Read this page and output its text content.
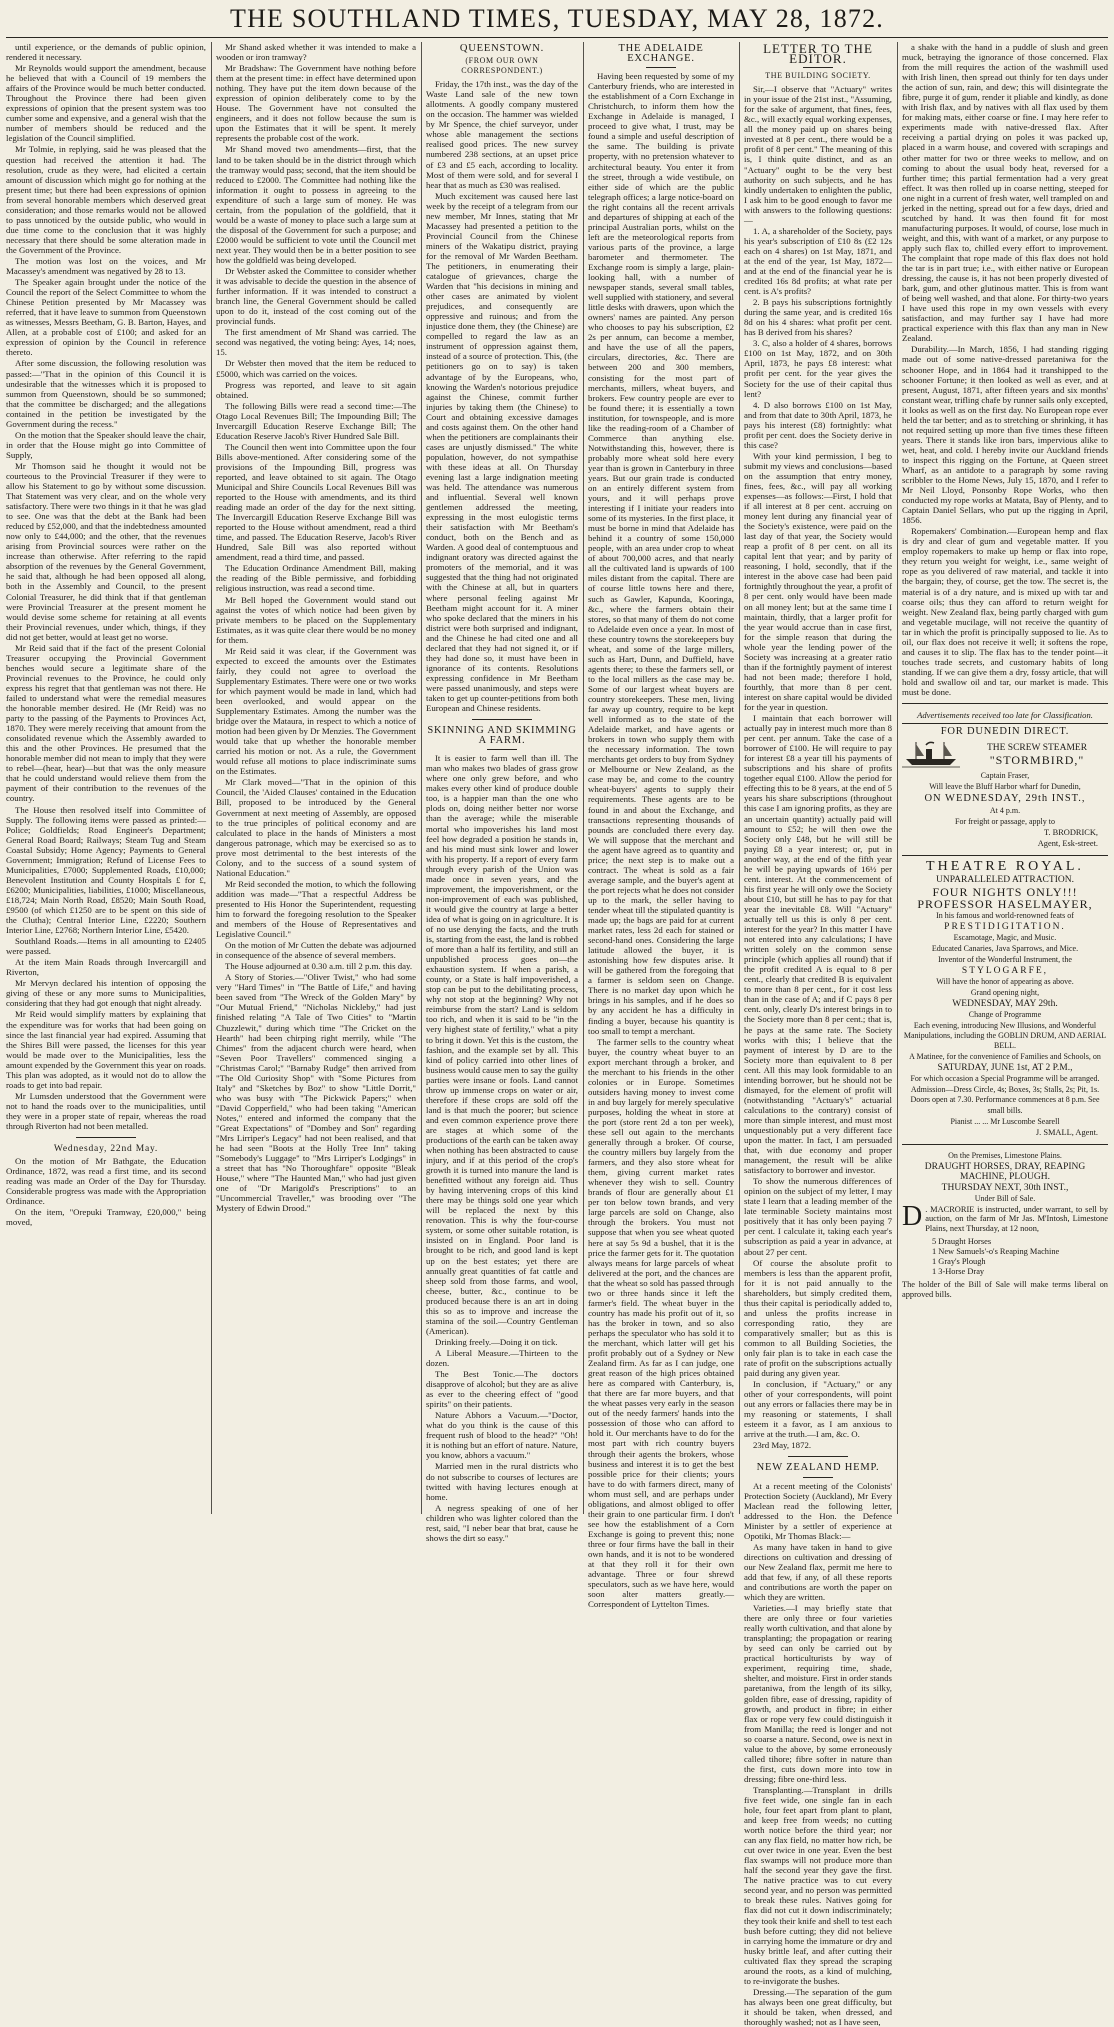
THE SOUTHLAND TIMES, TUESDAY, MAY 28, 1872.

until experience, or the demands of public opinion, rendered it necessary.

Mr Reynolds would support the amendment, because he believed that with a Council of 19 members the affairs of the Province would be much better conducted. Throughout the Province there had been given expressions of opinion that the present system was too cumber some and expensive, and a general wish that the number of members should be reduced and the legislation of the Council simplified.

Mr Tolmie, in replying, said he was pleased that the question had received the attention it had. The resolution, crude as they were, had elicited a certain amount of discussion which might go for nothing at the present time; but there had been expressions of opinion from several honorable members which deserved great consideration; and those remarks would not be allowed to pass unnoticed by the outside public, who would in due time come to the conclusion that it was highly necessary that there should be some alteration made in the Government of the Province.

The motion was lost on the voices, and Mr Macassey's amendment was negatived by 28 to 13.

The Speaker again brought under the notice of the Council the report of the Select Committee to whom the Chinese Petition presented by Mr Macassey was referred, that it have leave to summon from Queenstown as witnesses, Messrs Beetham, G. B. Barton, Hayes, and Allen, at a probable cost of £100; and asked for an expression of opinion by the Council in reference thereto.

After some discussion, the following resolution was passed:—"That in the opinion of this Council it is undesirable that the witnesses which it is proposed to summon from Queenstown, should be so summoned; that the committee be discharged; and the allegations contained in the petition be investigated by the Government during the recess."

On the motion that the Speaker should leave the chair, in order that the House might go into Committee of Supply,

Mr Thomson said he thought it would not be courteous to the Provincial Treasurer if they were to allow his Statement to go by without some discussion. That Statement was very clear, and on the whole very satisfactory. There were two things in it that he was glad to see. One was that the debt at the Bank had been reduced by £52,000, and that the indebtedness amounted now only to £44,000; and the other, that the revenues arising from Provincial sources were rather on the increase than otherwise. After referring to the rapid absorption of the revenues by the General Government, he said that, although he had been opposed all along, both in the Assembly and Council, to the present Colonial Treasurer, he did think that if that gentleman were Provincial Treasurer at the present moment he would devise some scheme for retaining at all events their Provincial revenues, under which, things, if they did not get better, would at least get no worse.

Mr Reid said that if the fact of the present Colonial Treasurer occupying the Provincial Government benches would secure a legitimate share of the Provincial revenues to the Province, he could only express his regret that that gentleman was not there. He failed to understand what were the remedial measures the honorable member desired. He (Mr Reid) was no party to the passing of the Payments to Provinces Act, 1870. They were merely receiving that amount from the consolidated revenue which the Assembly awarded to this and the other Provinces. He presumed that the honorable member did not mean to imply that they were to rebel—(hear, hear)—but that was the only measure that he could understand would relieve them from the payment of their contribution to the revenues of the country.

The House then resolved itself into Committee of Supply. The following items were passed as printed:—Police; Goldfields; Road Engineer's Department; General Road Board; Railways; Steam Tug and Steam Coastal Subsidy; Home Agency; Payments to General Government; Immigration; Refund of License Fees to Municipalities, £7000; Supplemented Roads, £10,000; Benevolent Institution and County Hospitals £ for £, £6200; Municipalities, liabilities, £1000; Miscellaneous, £18,724; Main North Road, £8520; Main South Road, £9500 (of which £1250 are to be spent on this side of the Clutha); Central Interior Line, £2220; Southern Interior Line, £2768; Northern Interior Line, £5420.

Southland Roads.—Items in all amounting to £2405 were passed.

At the item Main Roads through Invercargill and Riverton,

Mr Mervyn declared his intention of opposing the giving of these or any more sums to Municipalities, considering that they had got enough that night already.

Mr Reid would simplify matters by explaining that the expenditure was for works that had been going on since the last financial year had expired. Assuming that the Shires Bill were passed, the licenses for this year would be made over to the Municipalities, less the amount expended by the Government this year on roads. This plan was adopted, as it would not do to allow the roads to get into bad repair.

Mr Lumsden understood that the Government were not to hand the roads over to the municipalities, until they were in a proper state of repair, whereas the road through Riverton had not been metalled.

Wednesday, 22nd May.

On the motion of Mr Bathgate, the Education Ordinance, 1872, was read a first time, and its second reading was made an Order of the Day for Thursday. Considerable progress was made with the Appropriation Ordinance.

On the item, "Orepuki Tramway, £20,000," being moved,

Mr Shand asked whether it was intended to make a wooden or iron tramway?

Mr Bradshaw: The Government have nothing before them at the present time: in effect have determined upon nothing. They have put the item down because of the expression of opinion deliberately come to by the House. The Government have not consulted the engineers, and it does not follow because the sum is upon the Estimates that it will be spent. It merely represents the probable cost of the work.

Mr Shand moved two amendments—first, that the land to be taken should be in the district through which the tramway would pass; second, that the item should be reduced to £2000. The Committee had nothing like the information it ought to possess in agreeing to the expenditure of such a large sum of money. He was certain, from the population of the goldfield, that it would be a waste of money to place such a large sum at the disposal of the Government for such a purpose; and £2000 would be sufficient to vote until the Council met next year. They would then be in a better position to see how the goldfield was being developed.

Dr Webster asked the Committee to consider whether it was advisable to decide the question in the absence of further information. If it was intended to construct a branch line, the General Government should be called upon to do it, instead of the cost coming out of the provincial funds.

The first amendment of Mr Shand was carried. The second was negatived, the voting being: Ayes, 14; noes, 15.

Dr Webster then moved that the item be reduced to £5000, which was carried on the voices.

Progress was reported, and leave to sit again obtained.

The following Bills were read a second time:—The Otago Local Revenues Bill; The Impounding Bill; The Invercargill Education Reserve Exchange Bill; The Education Reserve Jacob's River Hundred Sale Bill.

The Council then went into Committee upon the four Bills above-mentioned. After considering some of the provisions of the Impounding Bill, progress was reported, and leave obtained to sit again. The Otago Municipal and Shire Councils Local Revenues Bill was reported to the House with amendments, and its third reading made an order of the day for the next sitting. The Invercargill Education Reserve Exchange Bill was reported to the House without amendment, read a third time, and passed. The Education Reserve, Jacob's River Hundred, Sale Bill was also reported without amendment, read a third time, and passed.

The Education Ordinance Amendment Bill, making the reading of the Bible permissive, and forbidding religious instruction, was read a second time.

Mr Bell hoped the Government would stand out against the votes of which notice had been given by private members to be placed on the Supplementary Estimates, as it was quite clear there would be no money for them.

Mr Reid said it was clear, if the Government was expected to exceed the amounts over the Estimates fairly, they could not agree to overload the Supplementary Estimates. There were one or two works for which payment would be made in land, which had been overlooked, and would appear on the Supplementary Estimates. Among the number was the bridge over the Mataura, in respect to which a notice of motion had been given by Dr Menzies. The Government would take that up whether the honorable member carried his motion or not. As a rule, the Government would refuse all motions to place indiscriminate sums on the Estimates.

Mr Clark moved—"That in the opinion of this Council, the 'Aided Clauses' contained in the Education Bill, proposed to be introduced by the General Government at next meeting of Assembly, are opposed to the true principles of political economy and are calculated to place in the hands of Ministers a most dangerous patronage, which may be exercised so as to prove most detrimental to the best interests of the Colony, and to the success of a sound system of National Education."

Mr Reid seconded the motion, to which the following addition was made—"That a respectful Address be presented to His Honor the Superintendent, requesting him to forward the foregoing resolution to the Speaker and members of the House of Representatives and Legislative Council."

On the motion of Mr Cutten the debate was adjourned in consequence of the absence of several members.

The House adjourned at 0.30 a.m. till 2 p.m. this day.

A Story of Stories.—"Oliver Twist," who had some very "Hard Times" in "The Battle of Life," and having been saved from "The Wreck of the Golden Mary" by "Our Mutual Friend," "Nicholas Nickleby," had just finished relating "A Tale of Two Cities" to "Martin Chuzzlewit," during which time "The Cricket on the Hearth" had been chirping right merrily, while "The Chimes" from the adjacent church were heard, when "Seven Poor Travellers" commenced singing a "Christmas Carol;" "Barnaby Rudge" then arrived from "The Old Curiosity Shop" with "Some Pictures from Italy" and "Sketches by Boz" to show "Little Dorrit," who was busy with "The Pickwick Papers;" when "David Copperfield," who had been taking "American Notes," entered and informed the company that the "Great Expectations" of "Dombey and Son" regarding "Mrs Lirriper's Legacy" had not been realised, and that he had seen "Boots at the Holly Tree Inn" taking "Somebody's Luggage" to "Mrs Lirriper's Lodgings" in a street that has "No Thoroughfare" opposite "Bleak House," where "The Haunted Man," who had just given one of "Dr Marigold's Prescriptions" to an "Uncommercial Traveller," was brooding over "The Mystery of Edwin Drood."

QUEENSTOWN.
(FROM OUR OWN CORRESPONDENT.)

Friday, the 17th inst., was the day of the Waste Land sale of the new town allotments. A goodly company mustered on the occasion. The hammer was wielded by Mr Spence, the chief surveyor, under whose able management the sections realised good prices. The new survey numbered 238 sections, at an upset price of £3 and £5 each, according to locality. Most of them were sold, and for several I hear that as much as £30 was realised.

Much excitement was caused here last week by the receipt of a telegram from our new member, Mr Innes, stating that Mr Macassey had presented a petition to the Provincial Council from the Chinese miners of the Wakatipu district, praying for the removal of Mr Warden Beetham. The petitioners, in enumerating their catalogue of grievances, charge the Warden that "his decisions in mining and other cases are animated by violent prejudices, and consequently are oppressive and ruinous; and from the injustice done them, they (the Chinese) are compelled to regard the law as an instrument of oppression against them, instead of a source of protection. This, (the petitioners go on to say) is taken advantage of by the Europeans, who, knowing the Warden's notorious prejudice against the Chinese, commit further injuries by taking them (the Chinese) to Court and obtaining excessive damages and costs against them. On the other hand when the petitioners are complainants their cases are unjustly dismissed." The white population, however, do not sympathise with these ideas at all. On Thursday evening last a large indignation meeting was held. The attendance was numerous and influential. Several well known gentlemen addressed the meeting, expressing in the most eulogistic terms their satisfaction with Mr Beetham's conduct, both on the Bench and as Warden. A good deal of contemptuous and indignant oratory was directed against the promoters of the memorial, and it was suggested that the thing had not originated with the Chinese at all, but in quarters where personal feeling against Mr Beetham might account for it. A miner who spoke declared that the miners in his district were both surprised and indignant, and the Chinese he had cited one and all declared that they had not signed it, or if they had done so, it must have been in ignorance of its contents. Resolutions expressing confidence in Mr Beetham were passed unanimously, and steps were taken to get up counter-petitions from both European and Chinese residents.

SKINNING AND SKIMMING A FARM.

It is easier to farm well than ill. The man who makes two blades of grass grow where one only grew before, and who makes every other kind of produce double too, is a happier man than the one who plods on, doing neither better nor worse than the average; while the miserable mortal who impoverishes his land most feel how degraded a position he stands in, and his mind must sink lower and lower with his property. If a report of every farm through every parish of the Union was made once in seven years, and the improvement, the impoverishment, or the non-improvement of each was published, it would give the country at large a better idea of what is going on in agriculture. It is of no use denying the facts, and the truth is, starting from the east, the land is robbed of more than a half its fertility, and still an unpublished process goes on—the exhaustion system. If when a parish, a county, or a State is half impoverished, a stop can be put to the debilitating process, why not stop at the beginning? Why not reimburse from the start? Land is seldom too rich, and when it is said to be "in the very highest state of fertility," what a pity to bring it down. Yet this is the custom, the fashion, and the example set by all. This kind of policy carried into other lines of business would cause men to say the guilty parties were insane or fools. Land cannot throw up immense crops on water or air, therefore if these crops are sold off the land is that much the poorer; but science and even common experience prove there are stages at which some of the productions of the earth can be taken away when nothing has been abstracted to cause injury, and if at this period of the crop's growth it is turned into manure the land is benefitted without any foreign aid. Thus by having intervening crops of this kind there may be things sold one year which will be replaced the next by this renovation. This is why the four-course system, or some other suitable rotation, is insisted on in England. Poor land is brought to be rich, and good land is kept up on the best estates; yet there are annually great quantities of fat cattle and sheep sold from those farms, and wool, cheese, butter, &c., continue to be produced because there is an art in doing this so as to improve and increase the stamina of the soil.—Country Gentleman (American).

Drinking freely.—Doing it on tick.

A Liberal Measure.—Thirteen to the dozen.

The Best Tonic.—The doctors disapprove of alcohol; but they are as alive as ever to the cheering effect of "good spirits" on their patients.

Nature Abhors a Vacuum.—"Doctor, what do you think is the cause of this frequent rush of blood to the head?" "Oh! it is nothing but an effort of nature. Nature, you know, abhors a vacuum."

Married men in the rural districts who do not subscribe to courses of lectures are twitted with having lectures enough at home.

A negress speaking of one of her children who was lighter colored than the rest, said, "I neber bear that brat, cause he shows the dirt so easy."

THE ADELAIDE EXCHANGE.

Having been requested by some of my Canterbury friends, who are interested in the establishment of a Corn Exchange in Christchurch, to inform them how the Exchange in Adelaide is managed, I proceed to give what, I trust, may be found a simple and useful description of the same. The building is private property, with no pretension whatever to architectural beauty. You enter it from the street, through a wide vestibule, on either side of which are the public telegraph offices; a large notice-board on the right contains all the recent arrivals and departures of shipping at each of the principal Australian ports, whilst on the left are the meteorological reports from various parts of the province, a large barometer and thermometer. The Exchange room is simply a large, plain-looking hall, with a number of newspaper stands, several small tables, well supplied with stationery, and several little desks with drawers, upon which the owners' names are painted. Any person who chooses to pay his subscription, £2 2s per annum, can become a member, and have the use of all the papers, circulars, directories, &c. There are between 200 and 300 members, consisting for the most part of merchants, millers, wheat buyers, and brokers. Few country people are ever to be found there; it is essentially a town institution, for townspeople, and is more like the reading-room of a Chamber of Commerce than anything else. Notwithstanding this, however, there is probably more wheat sold here every year than is grown in Canterbury in three years. But our grain trade is conducted on an entirely different system from yours, and it will perhaps prove interesting if I initiate your readers into some of its mysteries. In the first place, it must be borne in mind that Adelaide has behind it a country of some 150,000 people, with an area under crop to wheat of about 700,000 acres, and that nearly all the cultivated land is upwards of 100 miles distant from the capital. There are of course little towns here and there, such as Gawler, Kapunda, Kooringa, &c., where the farmers obtain their stores, so that many of them do not come to Adelaide even once a year. In most of these country towns the storekeepers buy wheat, and some of the large millers, such as Hart, Dunn, and Duffield, have agents there; to these the farmers sell, or to the local millers as the case may be. Some of our largest wheat buyers are country storekeepers. These men, living far away up country, require to be kept well informed as to the state of the Adelaide market, and have agents or brokers in town who supply them with the necessary information. The town merchants get orders to buy from Sydney or Melbourne or New Zealand, as the case may be, and come to the country wheat-buyers' agents to supply their requirements. These agents are to be found in and about the Exchange, and transactions representing thousands of pounds are concluded there every day. We will suppose that the merchant and the agent have agreed as to quantity and price; the next step is to make out a contract. The wheat is sold as a fair average sample, and the buyer's agent at the port rejects what he does not consider up to the mark, the seller having to tender wheat till the stipulated quantity is made up; the bags are paid for at current market rates, less 2d each for stained or second-hand ones. Considering the large latitude allowed the buyer, it is astonishing how few disputes arise. It will be gathered from the foregoing that a farmer is seldom seen on Change. There is no market day upon which he brings in his samples, and if he does so by any accident he has a difficulty in finding a buyer, because his quantity is too small to tempt a merchant.

The farmer sells to the country wheat buyer, the country wheat buyer to an export merchant through a broker, and the merchant to his friends in the other colonies or in Europe. Sometimes outsiders having money to invest come in and buy largely for merely speculative purposes, holding the wheat in store at the port (store rent 2d a ton per week), these sell out again to the merchants generally through a broker. Of course, the country millers buy largely from the farmers, and they also store wheat for them, giving current market rates whenever they wish to sell. Country brands of flour are generally about £1 per ton below town brands, and very large parcels are sold on Change, also through the brokers. You must not suppose that when you see wheat quoted here at say 5s 9d a bushel, that it is the price the farmer gets for it. The quotation always means for large parcels of wheat delivered at the port, and the chances are that the wheat so sold has passed through two or three hands since it left the farmer's field. The wheat buyer in the country has made his profit out of it, so has the broker in town, and so also perhaps the speculator who has sold it to the merchant, which latter will get his profit probably out of a Sydney or New Zealand firm. As far as I can judge, one great reason of the high prices obtained here as compared with Canterbury, is, that there are far more buyers, and that the wheat passes very early in the season out of the needy farmers' hands into the possession of those who can afford to hold it. Our merchants have to do for the most part with rich country buyers through their agents the brokers, whose business and interest it is to get the best possible price for their clients; yours have to do with farmers direct, many of whom must sell, and are perhaps under obligations, and almost obliged to offer their grain to one particular firm. I don't see how the establishment of a Corn Exchange is going to prevent this; none three or four firms have the ball in their own hands, and it is not to be wondered at that they roll it for their own advantage. Three or four shrewd speculators, such as we have here, would soon alter matters greatly.—Correspondent of Lyttelton Times.

LETTER TO THE EDITOR.
THE BUILDING SOCIETY.

Sir,—I observe that "Actuary" writes in your issue of the 21st inst., "Assuming, for the sake of argument, that fines, fees, &c., will exactly equal working expenses, all the money paid up on shares being invested at 8 per cent., there would be a profit of 8 per cent." The meaning of this is, I think quite distinct, and as an "Actuary" ought to be the very best authority on such subjects, and he has kindly undertaken to enlighten the public, I ask him to be good enough to favor me with answers to the following questions:—

1. A, a shareholder of the Society, pays his year's subscription of £10 8s (£2 12s each on 4 shares) on 1st May, 1871, and at the end of the year, 1st May, 1872—and at the end of the financial year he is credited 16s 8d profits; at what rate per cent. is A's profits?

2. B pays his subscriptions fortnightly during the same year, and is credited 16s 8d on his 4 shares: what profit per cent. has B derived from his shares?

3. C, also a holder of 4 shares, borrows £100 on 1st May, 1872, and on 30th April, 1873, he pays £8 interest: what profit per cent. for the year gives the Society for the use of their capital thus lent?

4. D also borrows £100 on 1st May, and from that date to 30th April, 1873, he pays his interest (£8) fortnightly: what profit per cent. does the Society derive in this case?

With your kind permission, I beg to submit my views and conclusions—based on the assumption that entry money, fines, fees, &c., will pay all working expenses—as follows:—First, I hold that if all interest at 8 per cent. accruing on money lent during any financial year of the Society's existence, were paid on the last day of that year, the Society would reap a profit of 8 per cent. on all its capital lent that year; and by parity of reasoning, I hold, secondly, that if the interest in the above case had been paid fortnightly throughout the year, a profit of 8 per cent. only would have been made on all money lent; but at the same time I maintain, thirdly, that a larger profit for the year would accrue than in case first, for the simple reason that during the whole year the lending power of the Society was increasing at a greater ratio than if the fortnightly payment of interest had not been made; therefore I hold, fourthly, that more than 8 per cent. interest on share capital would be divided for the year in question.

I maintain that each borrower will actually pay in interest much more than 8 per cent. per annum. Take the case of a borrower of £100. He will require to pay for interest £8 a year till his payments of subscriptions and his share of profits together equal £100. Allow the period for effecting this to be 8 years, at the end of 5 years his share subscriptions (throughout this case I am ignoring profits, as they are an uncertain quantity) actually paid will amount to £52; he will then owe the Society only £48, but he will still be paying £8 a year interest; or, put in another way, at the end of the fifth year he will be paying upwards of 16½ per cent. interest. At the commencement of his first year he will only owe the Society about £10, but still he has to pay for that year the inevitable £8. Will "Actuary" actually tell us this is only 8 per cent. interest for the year? In this matter I have not entered into any calculations; I have written solely on the common sense principle (which applies all round) that if the profit credited A is equal to 8 per cent., clearly that credited B is equivalent to more than 8 per cent., for it cost less than in the case of A; and if C pays 8 per cent. only, clearly D's interest brings in to the Society more than 8 per cent.; that is, he pays at the same rate. The Society works with this; I believe that the payment of interest by D are to the Society more than equivalent to 8 per cent. All this may look formidable to an intending borrower, but he should not be dismayed, for the element of profit will (notwithstanding "Actuary's" actuarial calculations to the contrary) consist of more than simple interest, and must most unquestionably put a very different face upon the matter. In fact, I am persuaded that, with due economy and proper management, the result will be alike satisfactory to borrower and investor.

To show the numerous differences of opinion on the subject of my letter, I may state I learn that a leading member of the late terminable Society maintains most positively that it has only been paying 7 per cent. I calculate it, taking each year's subscription as paid a year in advance, at about 27 per cent.

Of course the absolute profit to members is less than the apparent profit, for it is not paid annually to the shareholders, but simply credited them, thus their capital is periodically added to, and unless the profits increase in corresponding ratio, they are comparatively smaller; but as this is common to all Building Societies, the only fair plan is to take in each case the rate of profit on the subscriptions actually paid during any given year.

In conclusion, if "Actuary," or any other of your correspondents, will point out any errors or fallacies there may be in my reasoning or statements, I shall esteem it a favor, as I am anxious to arrive at the truth.—I am, &c. O.

23rd May, 1872.

NEW ZEALAND HEMP.

At a recent meeting of the Colonists' Protection Society (Auckland), Mr Every Maclean read the following letter, addressed to the Hon. the Defence Minister by a settler of experience at Opotiki, Mr Thomas Black:—

As many have taken in hand to give directions on cultivation and dressing of our New Zealand flax, permit me here to add that few, if any, of all these reports and contributions are worth the paper on which they are written.

Varieties.—I may briefly state that there are only three or four varieties really worth cultivation, and that alone by transplanting; the propagation or rearing by seed can only be carried out by practical horticulturists by way of experiment, requiring time, shade, shelter, and moisture. First in order stands paretaniwa, from the length of its silky, golden fibre, ease of dressing, rapidity of growth, and product in fibre; in either flax or rope very few could distinguish it from Manilla; the reed is longer and not so coarse a nature. Second, owe is next in value to the above, by some erroneously called tihore; fibre softer in nature than the first, cuts down more into tow in dressing; fibre one-third less.

Transplanting.—Transplant in drills five feet wide, one single fan in each hole, four feet apart from plant to plant, and keep free from weeds; no cutting worth notice before the third year; nor can any flax field, no matter how rich, be cut over twice in one year. Even the best flax swamps will not produce more than half the second year they gave the first. The native practice was to cut every second year, and no person was permitted to break these rules. Natives going for flax did not cut it down indiscriminately; they took their knife and shell to test each bush before cutting; they did not believe in carrying home the immature or dry and husky brittle leaf, and after cutting their cultivated flax they spread the scraping around the roots, as a kind of mulching, to re-invigorate the bushes.

Dressing.—The separation of the gum has always been one great difficulty, but it should be taken, when dressed, and thoroughly washed; not as I have seen,

a shake with the hand in a puddle of slush and green muck, betraying the ignorance of those concerned. Flax from the mill requires the action of the washmill used with Irish linen, then spread out thinly for ten days under the action of sun, rain, and dew; this will disintegrate the fibre, purge it of gum, render it pliable and kindly, as done with Irish flax, and by natives with all flax used by them for making mats, either coarse or fine. I may here refer to experiments made with native-dressed flax. After receiving a partial drying on poles it was packed up, placed in a warm house, and covered with scrapings and other matter for two or three weeks to mellow, and on coming to about the usual body heat, reversed for a further time; this partial fermentation had a very great effect. It was then rolled up in coarse netting, steeped for one night in a current of fresh water, well trampled on and jerked in the netting, spread out for a few days, dried and scutched by hand. It was then found fit for most manufacturing purposes. It would, of course, lose much in weight, and this, with want of a market, or any purpose to apply such flax to, chilled every effort to improvement. The complaint that rope made of this flax does not hold the tar is in part true; i.e., with either native or European dressing, the cause is, it has not been properly divested of bark, gum, and other glutinous matter. This is from want of being well washed, and that alone. For thirty-two years I have used this rope in my own vessels with every satisfaction, and may further say I have had more practical experience with this flax than any man in New Zealand.

Durability.—In March, 1856, I had standing rigging made out of some native-dressed paretaniwa for the schooner Hope, and in 1864 had it transhipped to the schooner Fortune; it then looked as well as ever, and at present, August, 1871, after fifteen years and six months' constant wear, trifling chafe by runner sails only excepted, it looks as well as on the first day. No European rope ever held the tar better; and as to stretching or shrinking, it has not required setting up more than five times these fifteen years. There it stands like iron bars, impervious alike to wet, heat, and cold. I hereby invite our Auckland friends to inspect this rigging on the Fortune, at Queen street Wharf, as an antidote to a paragraph by some raving scribbler to the Home News, July 15, 1870, and I refer to Mr Neil Lloyd, Ponsonby Rope Works, who then conducted my rope works at Matata, Bay of Plenty, and to Captain Daniel Sellars, who put up the rigging in April, 1856.

Ropemakers' Combination.—European hemp and flax is dry and clear of gum and vegetable matter. If you employ ropemakers to make up hemp or flax into rope, they return you weight for weight, i.e., same weight of rope as you delivered of raw material, and tackle it into the bargain; they, of course, get the tow. The secret is, the material is of a dry nature, and is mixed up with tar and coarse oils; thus they can afford to return weight for weight. New Zealand flax, being partly charged with gum and vegetable mucilage, will not receive the quantity of tar in which the profit is principally supposed to lie. As to oil, our flax does not receive it well; it softens the rope, and causes it to slip. The flax has to the tender point—it touches trade secrets, and customary habits of long standing. If we can give them a dry, fossy article, that will hold and swallow oil and tar, our market is made. This must be done.

Advertisements received too late for Classification.
FOR DUNEDIN DIRECT.
THE SCREW STEAMER
"STORMBIRD,"
Captain Fraser,
Will leave the Bluff Harbor wharf for Dunedin,
ON WEDNESDAY, 29th INST.,
At 4 p.m.
For freight or passage, apply to
T. BRODRICK,
Agent, Esk-street.
THEATRE ROYAL.
UNPARALLELED ATTRACTION.
FOUR NIGHTS ONLY!!!
PROFESSOR HASELMAYER,
In his famous and world-renowned feats of
PRESTIDIGITATION.
Escamotage, Magic, and Music.
Educated Canaries, Java Sparrows, and Mice.
Inventor of the Wonderful Instrument, the
STYLOGARFE,
Will have the honor of appearing as above.
Grand opening night,
WEDNESDAY, MAY 29th.
Change of Programme
Each evening, introducing New Illusions, and Wonderful Manipulations, including the GOBLIN DRUM, AND AERIAL BELL.
A Matinee, for the convenience of Families and Schools, on
SATURDAY, JUNE 1st, AT 2 P.M.,
For which occasion a Special Programme will be arranged.
Admission—Dress Circle, 4s; Boxes, 3s; Stalls, 2s; Pit, 1s. Doors open at 7.30. Performance commences at 8 p.m. See small bills.
Pianist ... ... Mr Luscombe Searell
J. SMALL, Agent.
On the Premises, Limestone Plains.
DRAUGHT HORSES, DRAY, REAPING MACHINE, PLOUGH.
THURSDAY NEXT, 30th INST.,
Under Bill of Sale.
D . MACRORIE is instructed, under warrant, to sell by auction, on the farm of Mr Jas. M'Intosh, Limestone Plains, next Thursday, at 12 noon,
5 Draught Horses
1 New Samuels'-o's Reaping Machine
1 Gray's Plough
1 3-Horse Dray
The holder of the Bill of Sale will make terms liberal on approved bills.
